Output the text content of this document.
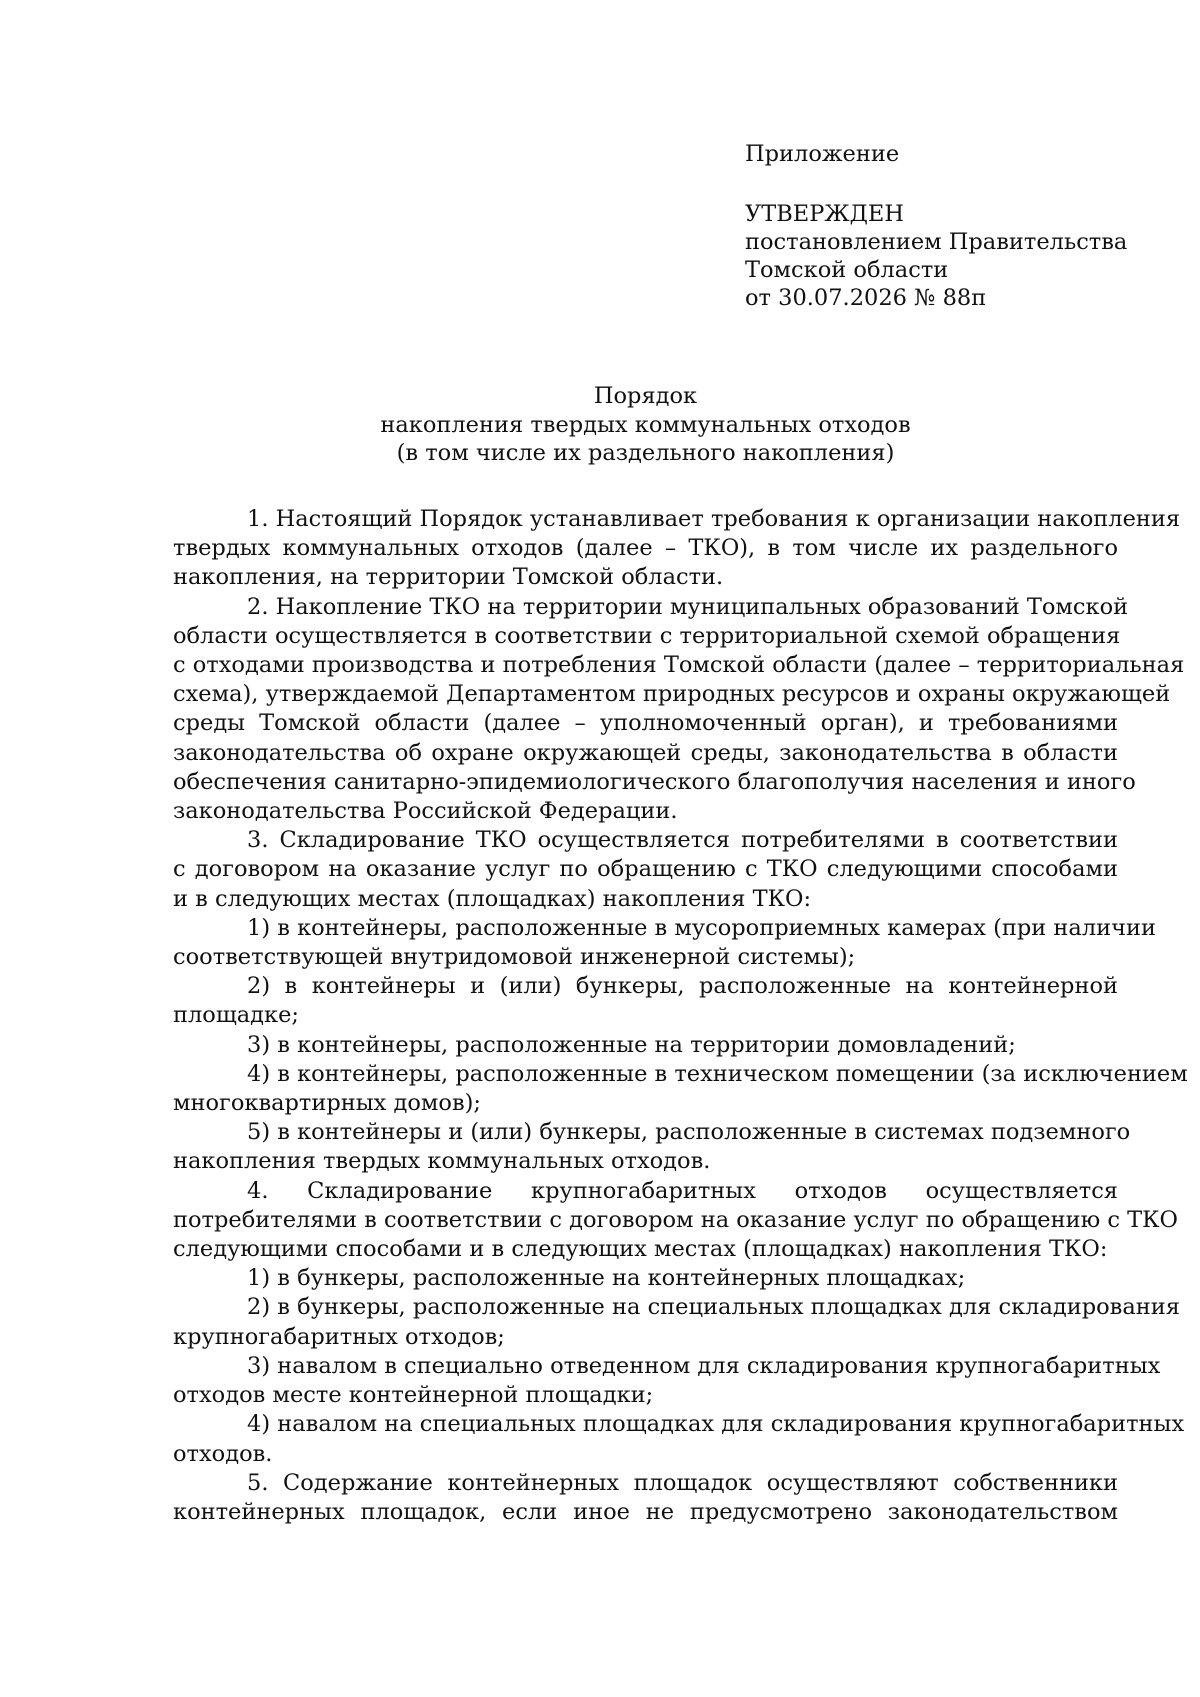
Приложение
УТВЕРЖДЕН
постановлением Правительства
Томской области
от 30.07.2026 № 88п
Порядок
накопления твердых коммунальных отходов
(в том числе их раздельного накопления)
1. Настоящий Порядок устанавливает требования к организации накопления
твердых коммунальных отходов (далее – ТКО), в том числе их раздельного
накопления, на территории Томской области.
2. Накопление ТКО на территории муниципальных образований Томской
области осуществляется в соответствии с территориальной схемой обращения
с отходами производства и потребления Томской области (далее – территориальная
схема), утверждаемой Департаментом природных ресурсов и охраны окружающей
среды Томской области (далее – уполномоченный орган), и требованиями
законодательства об охране окружающей среды, законодательства в области
обеспечения санитарно-эпидемиологического благополучия населения и иного
законодательства Российской Федерации.
3. Складирование ТКО осуществляется потребителями в соответствии
с договором на оказание услуг по обращению с ТКО следующими способами
и в следующих местах (площадках) накопления ТКО:
1) в контейнеры, расположенные в мусороприемных камерах (при наличии
соответствующей внутридомовой инженерной системы);
2) в контейнеры и (или) бункеры, расположенные на контейнерной
площадке;
3) в контейнеры, расположенные на территории домовладений;
4) в контейнеры, расположенные в техническом помещении (за исключением
многоквартирных домов);
5) в контейнеры и (или) бункеры, расположенные в системах подземного
накопления твердых коммунальных отходов.
4. Складирование крупногабаритных отходов осуществляется
потребителями в соответствии с договором на оказание услуг по обращению с ТКО
следующими способами и в следующих местах (площадках) накопления ТКО:
1) в бункеры, расположенные на контейнерных площадках;
2) в бункеры, расположенные на специальных площадках для складирования
крупногабаритных отходов;
3) навалом в специально отведенном для складирования крупногабаритных
отходов месте контейнерной площадки;
4) навалом на специальных площадках для складирования крупногабаритных
отходов.
5. Содержание контейнерных площадок осуществляют собственники
контейнерных площадок, если иное не предусмотрено законодательством
